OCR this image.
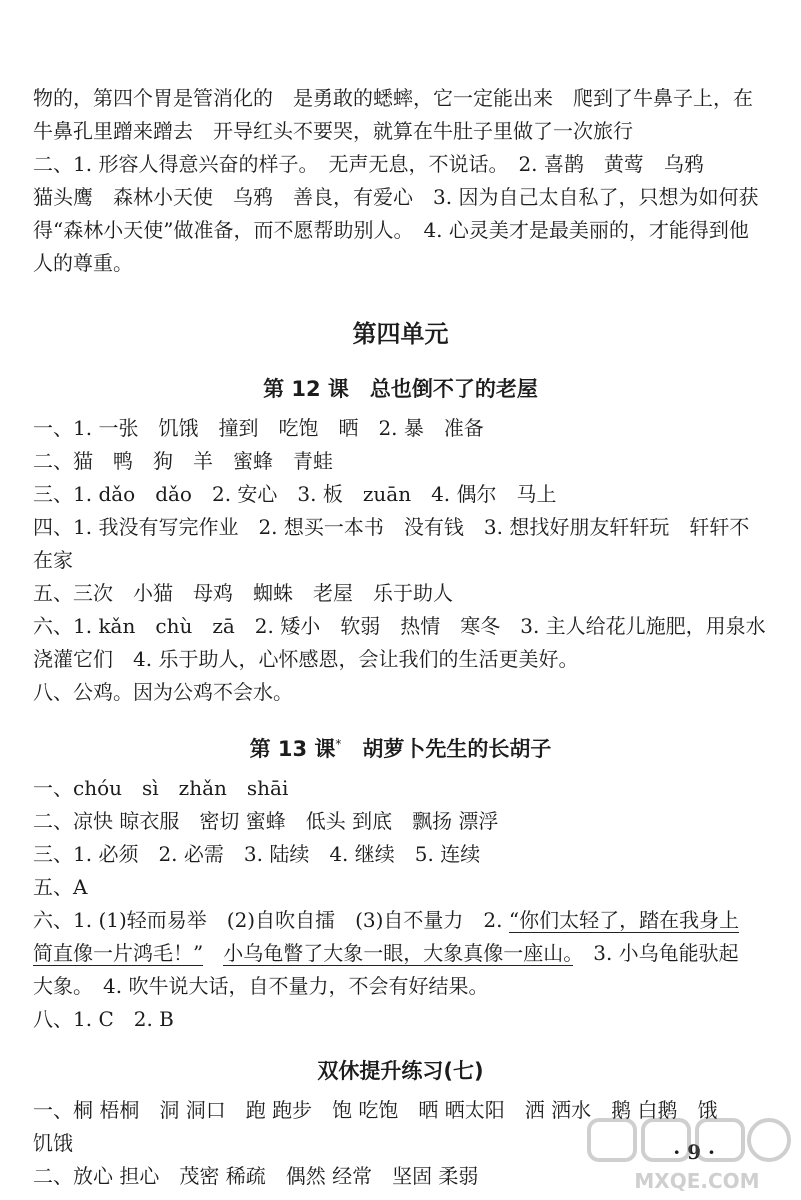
物的，第四个胃是管消化的　是勇敢的蟋蟀，它一定能出来　爬到了牛鼻子上，在
牛鼻孔里蹭来蹭去　开导红头不要哭，就算在牛肚子里做了一次旅行
二、1. 形容人得意兴奋的样子。　无声无息，不说话。　2. 喜鹊　黄莺　乌鸦
猫头鹰　森林小天使　乌鸦　善良，有爱心　3. 因为自己太自私了，只想为如何获
得“森林小天使”做准备，而不愿帮助别人。　4. 心灵美才是最美丽的，才能得到他
人的尊重。
第四单元
第 12 课　总也倒不了的老屋
一、1. 一张　饥饿　撞到　吃饱　晒　2. 暴　准备
二、猫　鸭　狗　羊　蜜蜂　青蛙
三、1. dǎo　dǎo　2. 安心　3. 板　zuān　4. 偶尔　马上
四、1. 我没有写完作业　2. 想买一本书　没有钱　3. 想找好朋友轩轩玩　轩轩不
在家
五、三次　小猫　母鸡　蜘蛛　老屋　乐于助人
六、1. kǎn　chù　zā　2. 矮小　软弱　热情　寒冬　3. 主人给花儿施肥，用泉水
浇灌它们　4. 乐于助人，心怀感恩，会让我们的生活更美好。
八、公鸡。因为公鸡不会水。
第 13 课*　胡萝卜先生的长胡子
一、chóu　sì　zhǎn　shāi
二、凉快 晾衣服　密切 蜜蜂　低头 到底　飘扬 漂浮
三、1. 必须　2. 必需　3. 陆续　4. 继续　5. 连续
五、A
六、1. (1)轻而易举　(2)自吹自擂　(3)自不量力　2. “你们太轻了，踏在我身上
简直像一片鸿毛！”　 小乌龟瞥了大象一眼，大象真像一座山。　3. 小乌龟能驮起
大象。　4. 吹牛说大话，自不量力，不会有好结果。
八、1. C　2. B
双休提升练习(七)
一、桐 梧桐　洞 洞口　跑 跑步　饱 吃饱　晒 晒太阳　洒 洒水　鹅 白鹅　饿
饥饿
二、放心 担心　茂密 稀疏　偶然 经常　坚固 柔弱
· 9 ·
MXQE.COM
